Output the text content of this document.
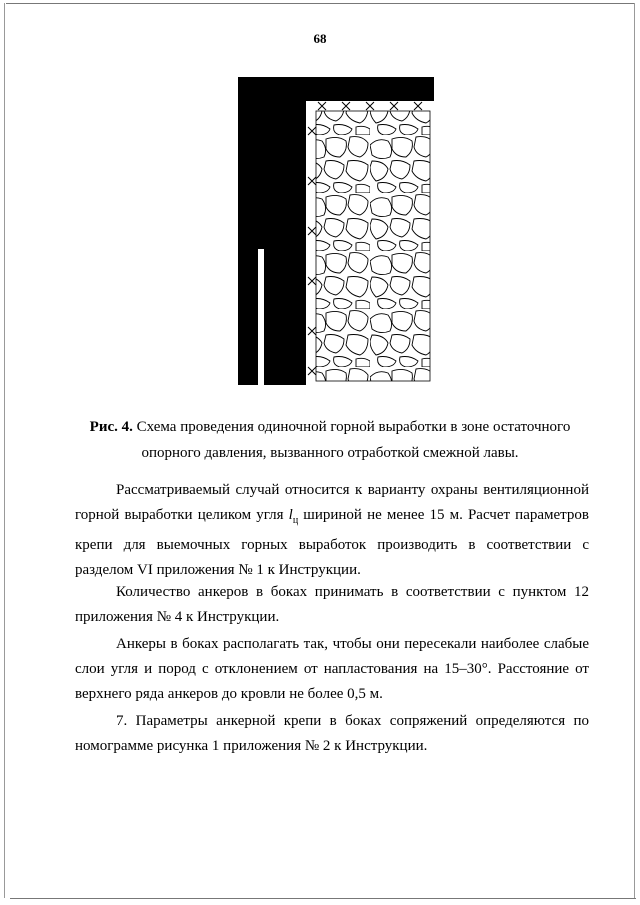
68
Рис. 4. Схема проведения одиночной горной выработки в зоне остаточного опорного давления, вызванного отработкой смежной лавы.
Рассматриваемый случай относится к варианту охраны вентиляционной горной выработки целиком угля $l_ц$ шириной не менее 15 м. Расчет параметров крепи для выемочных горных выработок производить в соответствии с разделом VI приложения № 1 к Инструкции.
Количество анкеров в боках принимать в соответствии с пунктом 12 приложения № 4 к Инструкции.
Анкеры в боках располагать так, чтобы они пересекали наиболее слабые слои угля и пород с отклонением от напластования на 15–30°. Расстояние от верхнего ряда анкеров до кровли не более 0,5 м.
7. Параметры анкерной крепи в боках сопряжений определяются по номограмме рисунка 1 приложения № 2 к Инструкции.
